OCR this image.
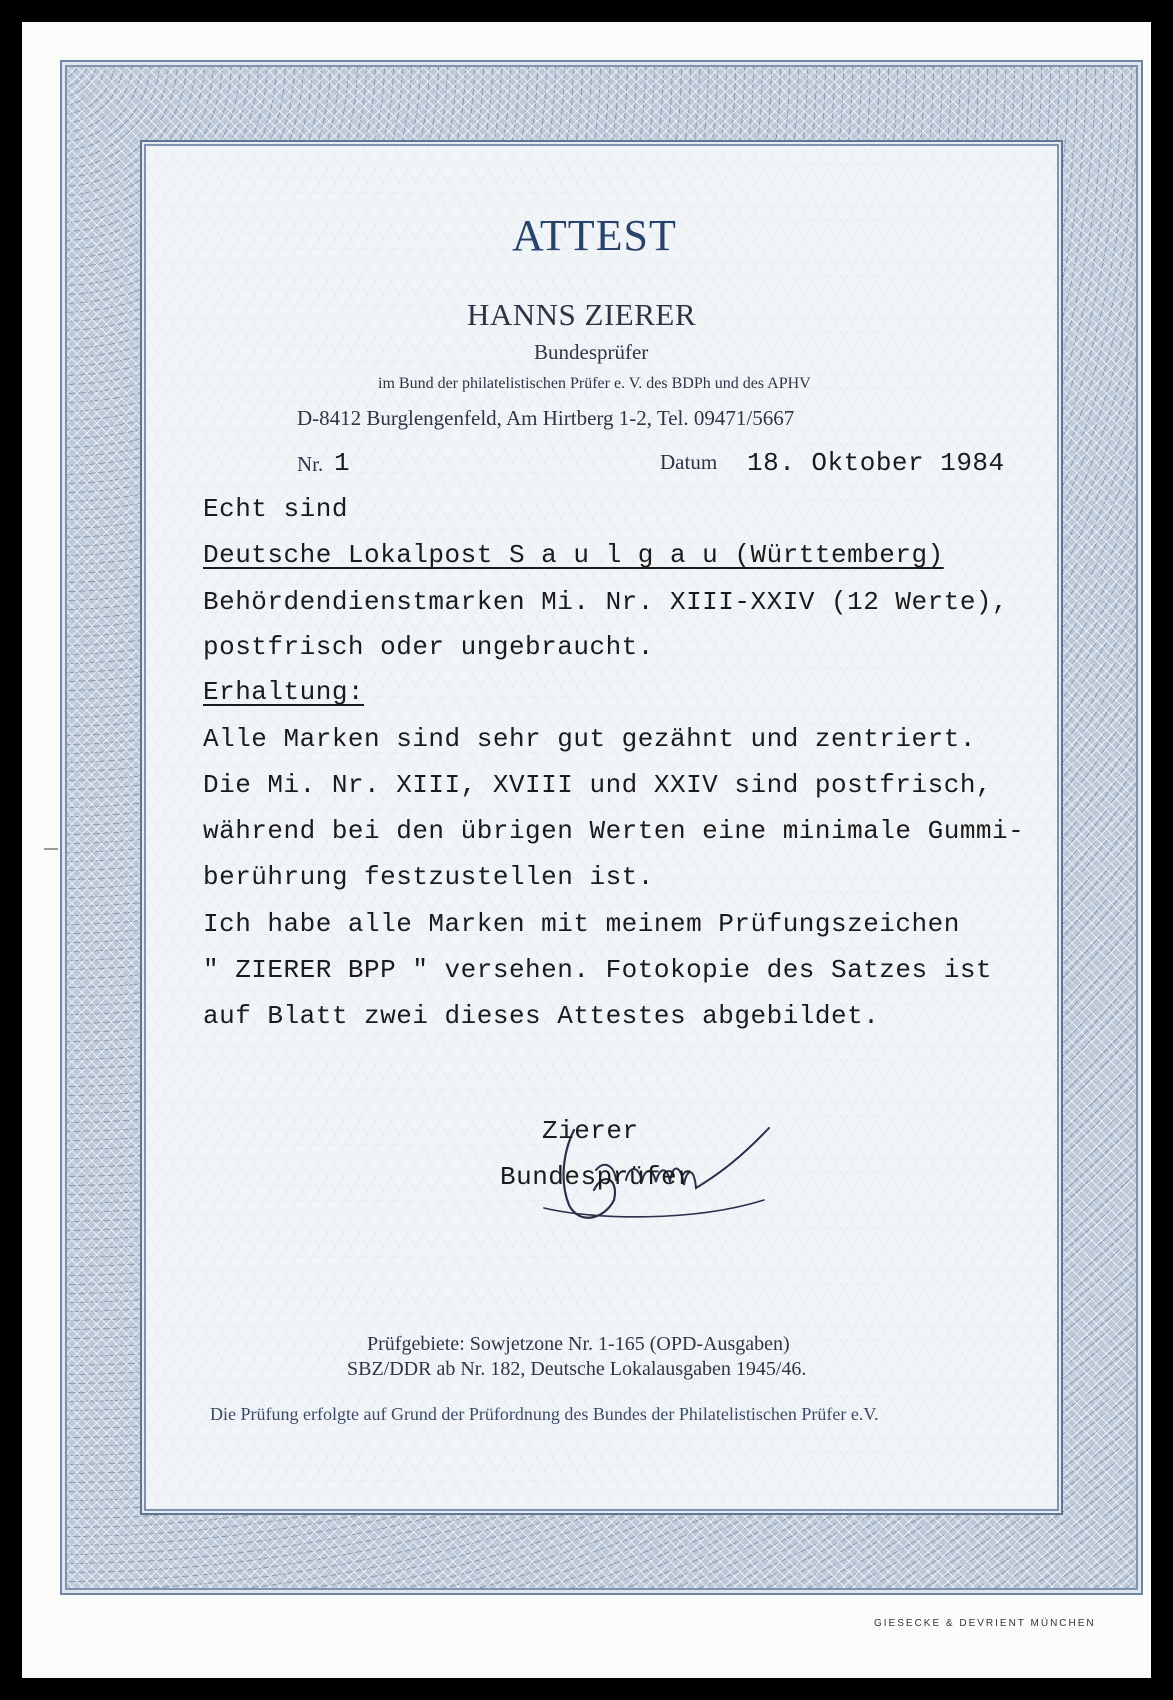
ATTEST
HANNS ZIERER
Bundesprüfer
im Bund der philatelistischen Prüfer e. V. des BDPh und des APHV
D-8412 Burglengenfeld, Am Hirtberg 1-2, Tel. 09471/5667
Nr. 1	Datum 18. Oktober 1984
Echt sind
Deutsche Lokalpost S a u l g a u (Württemberg)
Behördendienstmarken Mi. Nr. XIII-XXIV (12 Werte),
postfrisch oder ungebraucht.
Erhaltung:
Alle Marken sind sehr gut gezähnt und zentriert.
Die Mi. Nr. XIII, XVIII und XXIV sind postfrisch,
während bei den übrigen Werten eine minimale Gummi-
berührung festzustellen ist.
Ich habe alle Marken mit meinem Prüfungszeichen
" ZIERER BPP " versehen. Fotokopie des Satzes ist
auf Blatt zwei dieses Attestes abgebildet.
Zierer
Bundesprüfer
Prüfgebiete: Sowjetzone Nr. 1-165 (OPD-Ausgaben)
SBZ/DDR ab Nr. 182, Deutsche Lokalausgaben 1945/46.
Die Prüfung erfolgte auf Grund der Prüfordnung des Bundes der Philatelistischen Prüfer e.V.
GIESECKE & DEVRIENT MÜNCHEN
